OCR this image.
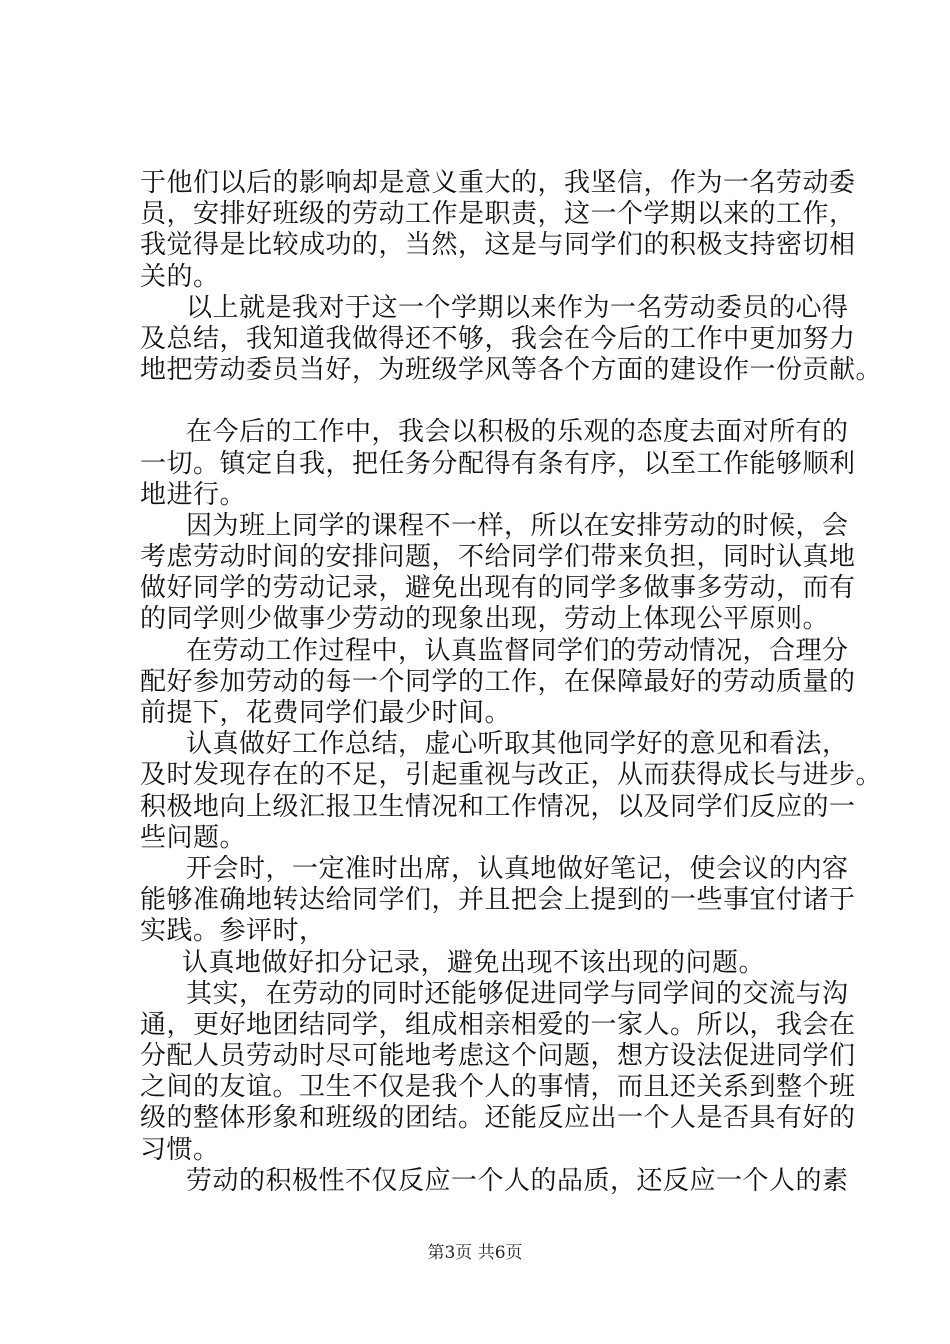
于他们以后的影响却是意义重大的，我坚信，作为一名劳动委
员，安排好班级的劳动工作是职责，这一个学期以来的工作，
我觉得是比较成功的，当然，这是与同学们的积极支持密切相
关的。
以上就是我对于这一个学期以来作为一名劳动委员的心得
及总结，我知道我做得还不够，我会在今后的工作中更加努力
地把劳动委员当好，为班级学风等各个方面的建设作一份贡献。
在今后的工作中，我会以积极的乐观的态度去面对所有的
一切。镇定自我，把任务分配得有条有序，以至工作能够顺利
地进行。
因为班上同学的课程不一样，所以在安排劳动的时候，会
考虑劳动时间的安排问题，不给同学们带来负担，同时认真地
做好同学的劳动记录，避免出现有的同学多做事多劳动，而有
的同学则少做事少劳动的现象出现，劳动上体现公平原则。
在劳动工作过程中，认真监督同学们的劳动情况，合理分
配好参加劳动的每一个同学的工作，在保障最好的劳动质量的
前提下，花费同学们最少时间。
认真做好工作总结，虚心听取其他同学好的意见和看法，
及时发现存在的不足，引起重视与改正，从而获得成长与进步。
积极地向上级汇报卫生情况和工作情况，以及同学们反应的一
些问题。
开会时，一定准时出席，认真地做好笔记，使会议的内容
能够准确地转达给同学们，并且把会上提到的一些事宜付诸于
实践。参评时，
认真地做好扣分记录，避免出现不该出现的问题。
其实，在劳动的同时还能够促进同学与同学间的交流与沟
通，更好地团结同学，组成相亲相爱的一家人。所以，我会在
分配人员劳动时尽可能地考虑这个问题，想方设法促进同学们
之间的友谊。卫生不仅是我个人的事情，而且还关系到整个班
级的整体形象和班级的团结。还能反应出一个人是否具有好的
习惯。
劳动的积极性不仅反应一个人的品质，还反应一个人的素
第3页 共6页
